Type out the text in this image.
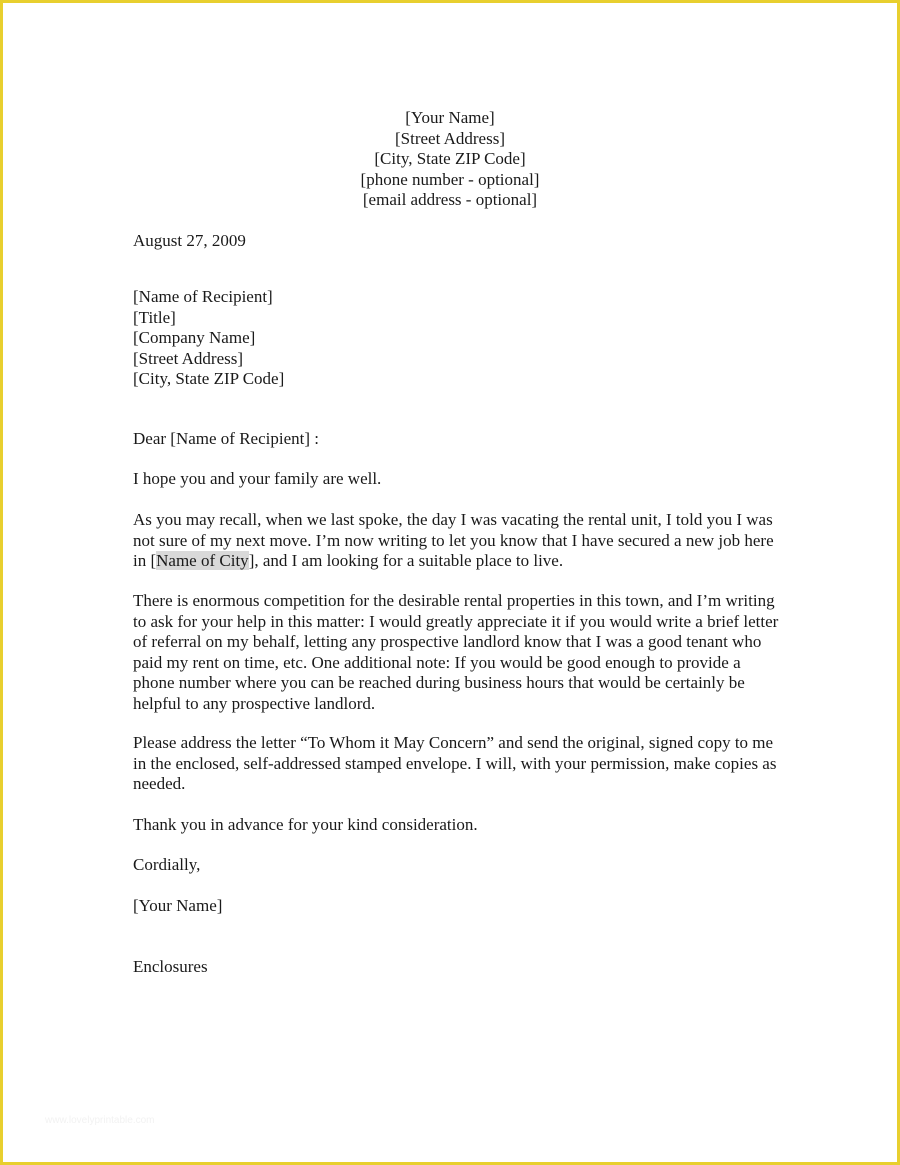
[Your Name]
[Street Address]
[City, State ZIP Code]
[phone number - optional]
[email address - optional]
August 27, 2009
[Name of Recipient]
[Title]
[Company Name]
[Street Address]
[City, State ZIP Code]
Dear [Name of Recipient] :
I hope you and your family are well.
As you may recall, when we last spoke, the day I was vacating the rental unit, I told you I was not sure of my next move. I’m now writing to let you know that I have secured a new job here in [Name of City], and I am looking for a suitable place to live.
There is enormous competition for the desirable rental properties in this town, and I’m writing to ask for your help in this matter: I would greatly appreciate it if you would write a brief letter of referral on my behalf, letting any prospective landlord know that I was a good tenant who paid my rent on time, etc. One additional note: If you would be good enough to provide a phone number where you can be reached during business hours that would be certainly be helpful to any prospective landlord.
Please address the letter “To Whom it May Concern” and send the original, signed copy to me in the enclosed, self-addressed stamped envelope. I will, with your permission, make copies as needed.
Thank you in advance for your kind consideration.
Cordially,
[Your Name]
Enclosures
www.lovelyprintable.com
